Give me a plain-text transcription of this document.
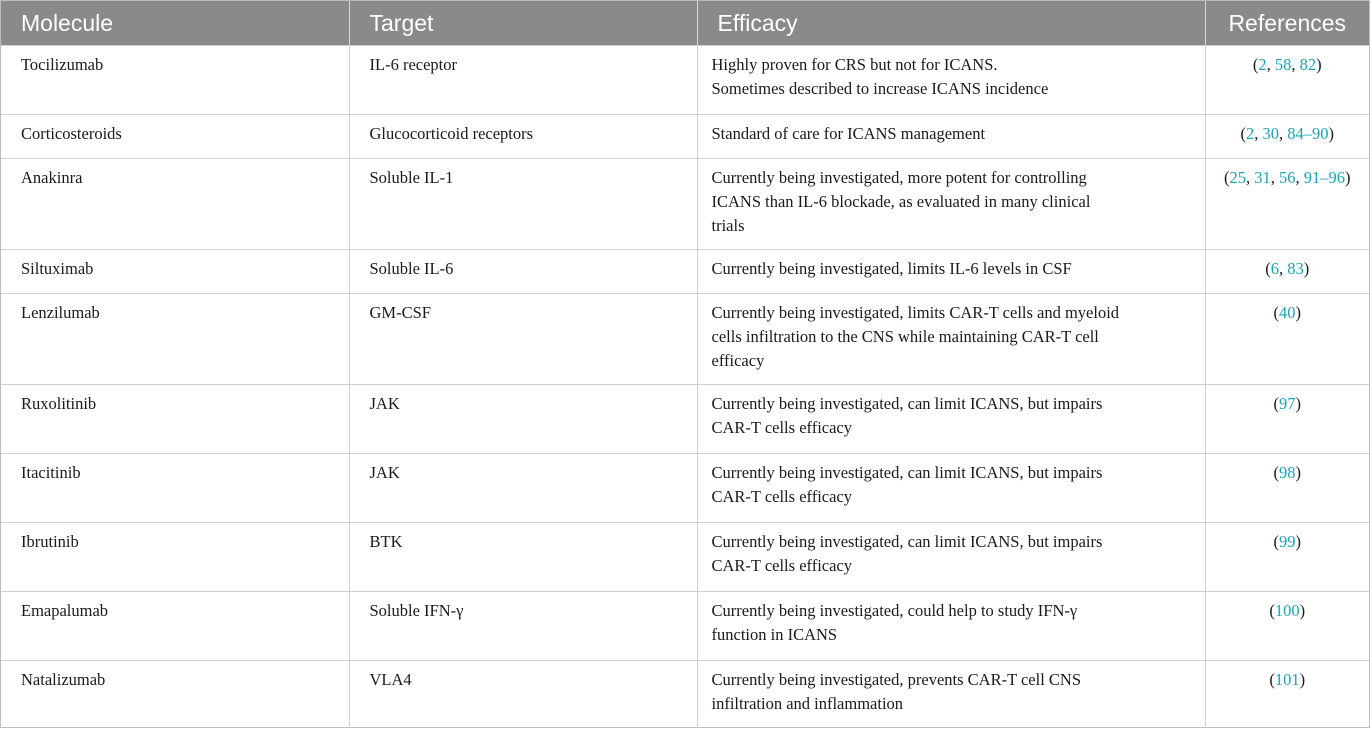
Molecule	Target	Efficacy	References
Tocilizumab	IL-6 receptor	Highly proven for CRS but not for ICANS.
Sometimes described to increase ICANS incidence	(2, 58, 82)
Corticosteroids	Glucocorticoid receptors	Standard of care for ICANS management	(2, 30, 84–90)
Anakinra	Soluble IL-1	Currently being investigated, more potent for controlling
ICANS than IL-6 blockade, as evaluated in many clinical
trials	(25, 31, 56, 91–96)
Siltuximab	Soluble IL-6	Currently being investigated, limits IL-6 levels in CSF	(6, 83)
Lenzilumab	GM-CSF	Currently being investigated, limits CAR-T cells and myeloid
cells infiltration to the CNS while maintaining CAR-T cell
efficacy	(40)
Ruxolitinib	JAK	Currently being investigated, can limit ICANS, but impairs
CAR-T cells efficacy	(97)
Itacitinib	JAK	Currently being investigated, can limit ICANS, but impairs
CAR-T cells efficacy	(98)
Ibrutinib	BTK	Currently being investigated, can limit ICANS, but impairs
CAR-T cells efficacy	(99)
Emapalumab	Soluble IFN-γ	Currently being investigated, could help to study IFN-γ
function in ICANS	(100)
Natalizumab	VLA4	Currently being investigated, prevents CAR-T cell CNS
infiltration and inflammation	(101)
